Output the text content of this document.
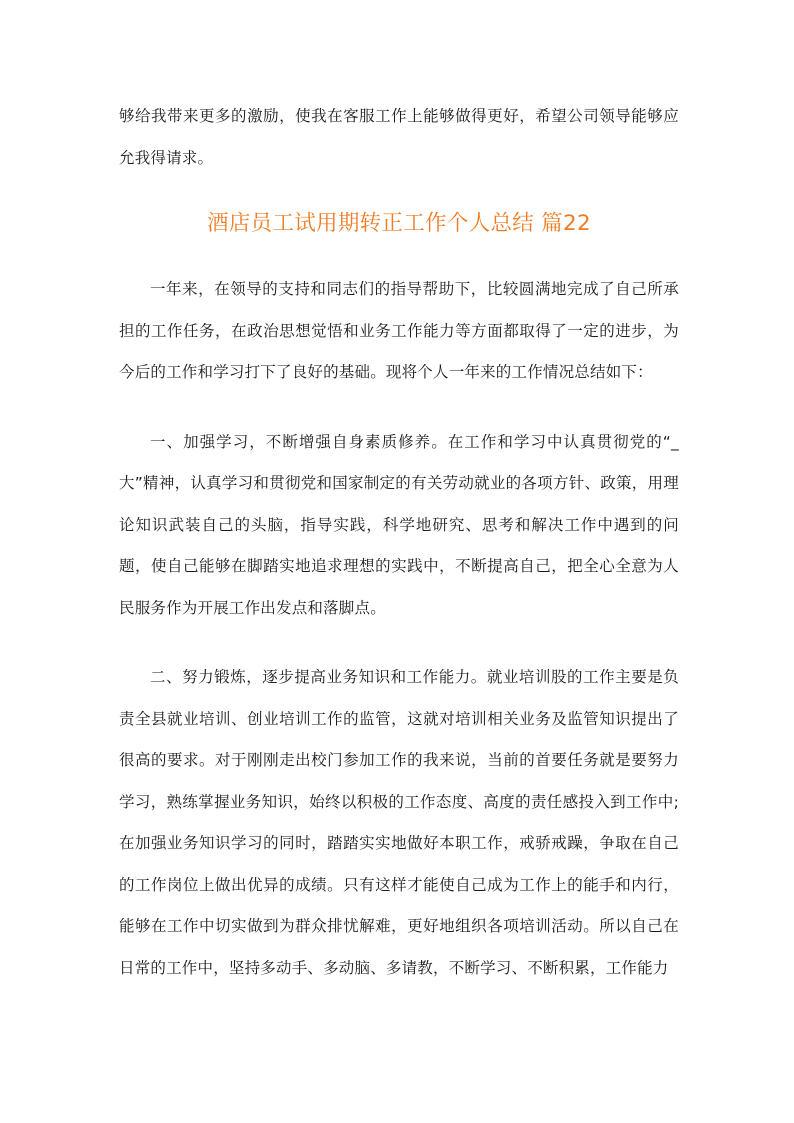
够给我带来更多的激励，使我在客服工作上能够做得更好，希望公司领导能够应允我得请求。

酒店员工试用期转正工作个人总结 篇22

一年来，在领导的支持和同志们的指导帮助下，比较圆满地完成了自己所承担的工作任务，在政治思想觉悟和业务工作能力等方面都取得了一定的进步，为今后的工作和学习打下了良好的基础。现将个人一年来的工作情况总结如下：

一、加强学习，不断增强自身素质修养。在工作和学习中认真贯彻党的“_大”精神，认真学习和贯彻党和国家制定的有关劳动就业的各项方针、政策，用理论知识武装自己的头脑，指导实践，科学地研究、思考和解决工作中遇到的问题，使自己能够在脚踏实地追求理想的实践中，不断提高自己，把全心全意为人民服务作为开展工作出发点和落脚点。

二、努力锻炼，逐步提高业务知识和工作能力。就业培训股的工作主要是负责全县就业培训、创业培训工作的监管，这就对培训相关业务及监管知识提出了很高的要求。对于刚刚走出校门参加工作的我来说，当前的首要任务就是要努力学习，熟练掌握业务知识，始终以积极的工作态度、高度的责任感投入到工作中;在加强业务知识学习的同时，踏踏实实地做好本职工作，戒骄戒躁，争取在自己的工作岗位上做出优异的成绩。只有这样才能使自己成为工作上的能手和内行，能够在工作中切实做到为群众排忧解难，更好地组织各项培训活动。所以自己在日常的工作中，坚持多动手、多动脑、多请教，不断学习、不断积累，工作能力
